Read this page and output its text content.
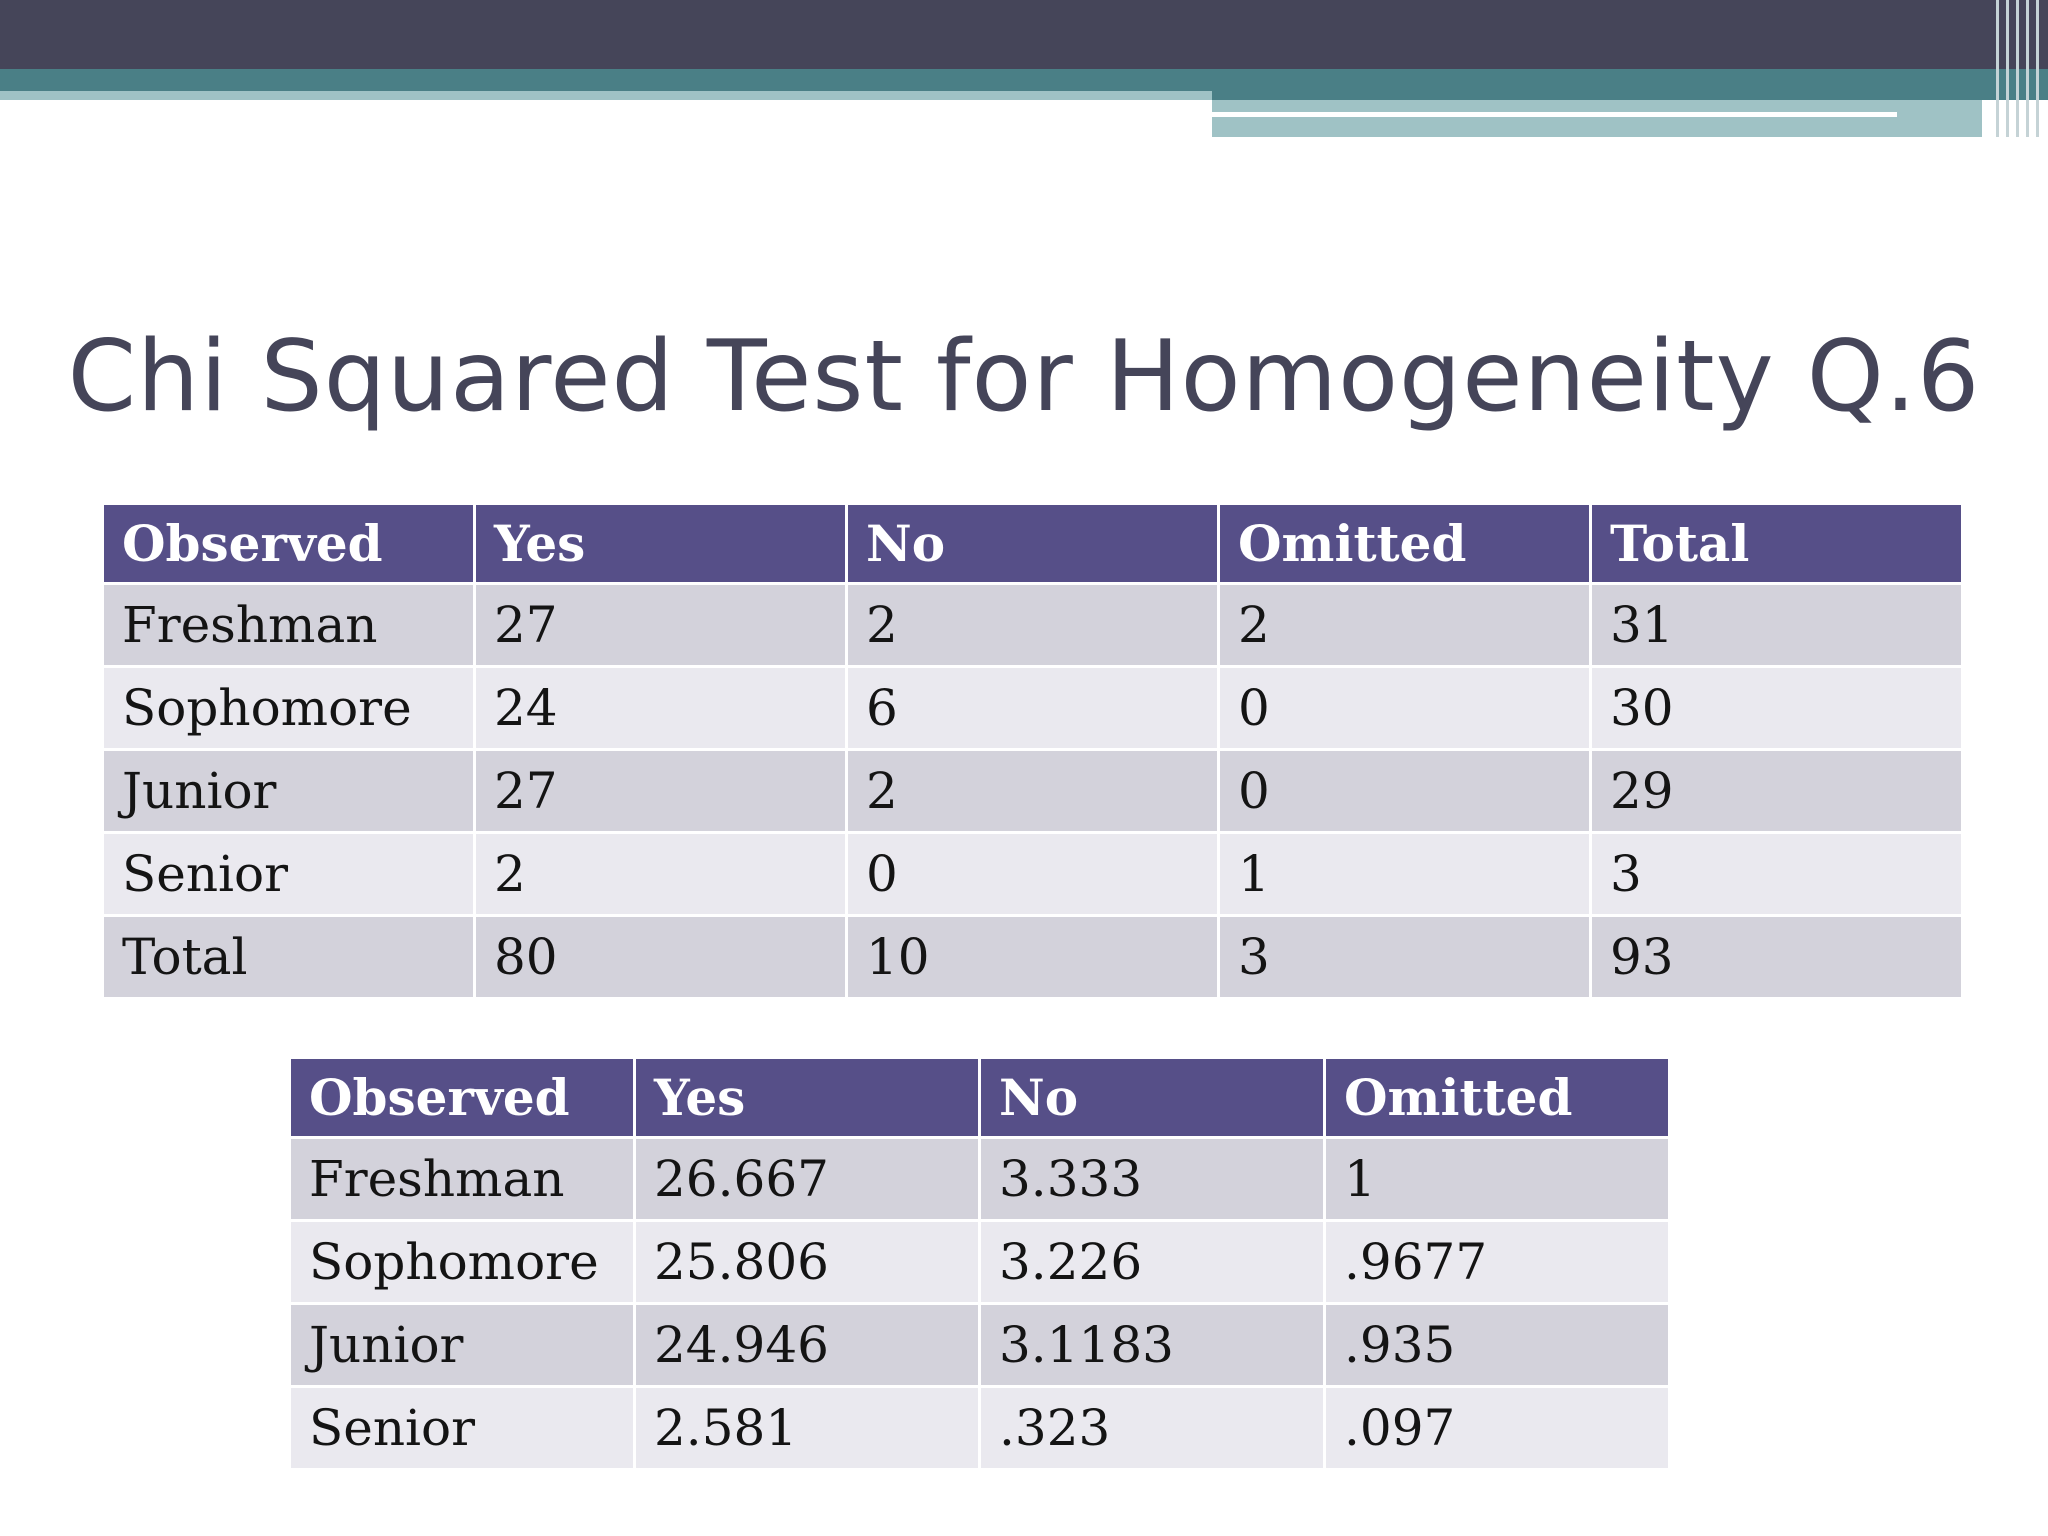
Chi Squared Test for Homogeneity Q.6
Observed	Yes	No	Omitted	Total
Freshman	27	2	2	31
Sophomore	24	6	0	30
Junior	27	2	0	29
Senior	2	0	1	3
Total	80	10	3	93
Observed	Yes	No	Omitted
Freshman	26.667	3.333	1
Sophomore	25.806	3.226	.9677
Junior	24.946	3.1183	.935
Senior	2.581	.323	.097
